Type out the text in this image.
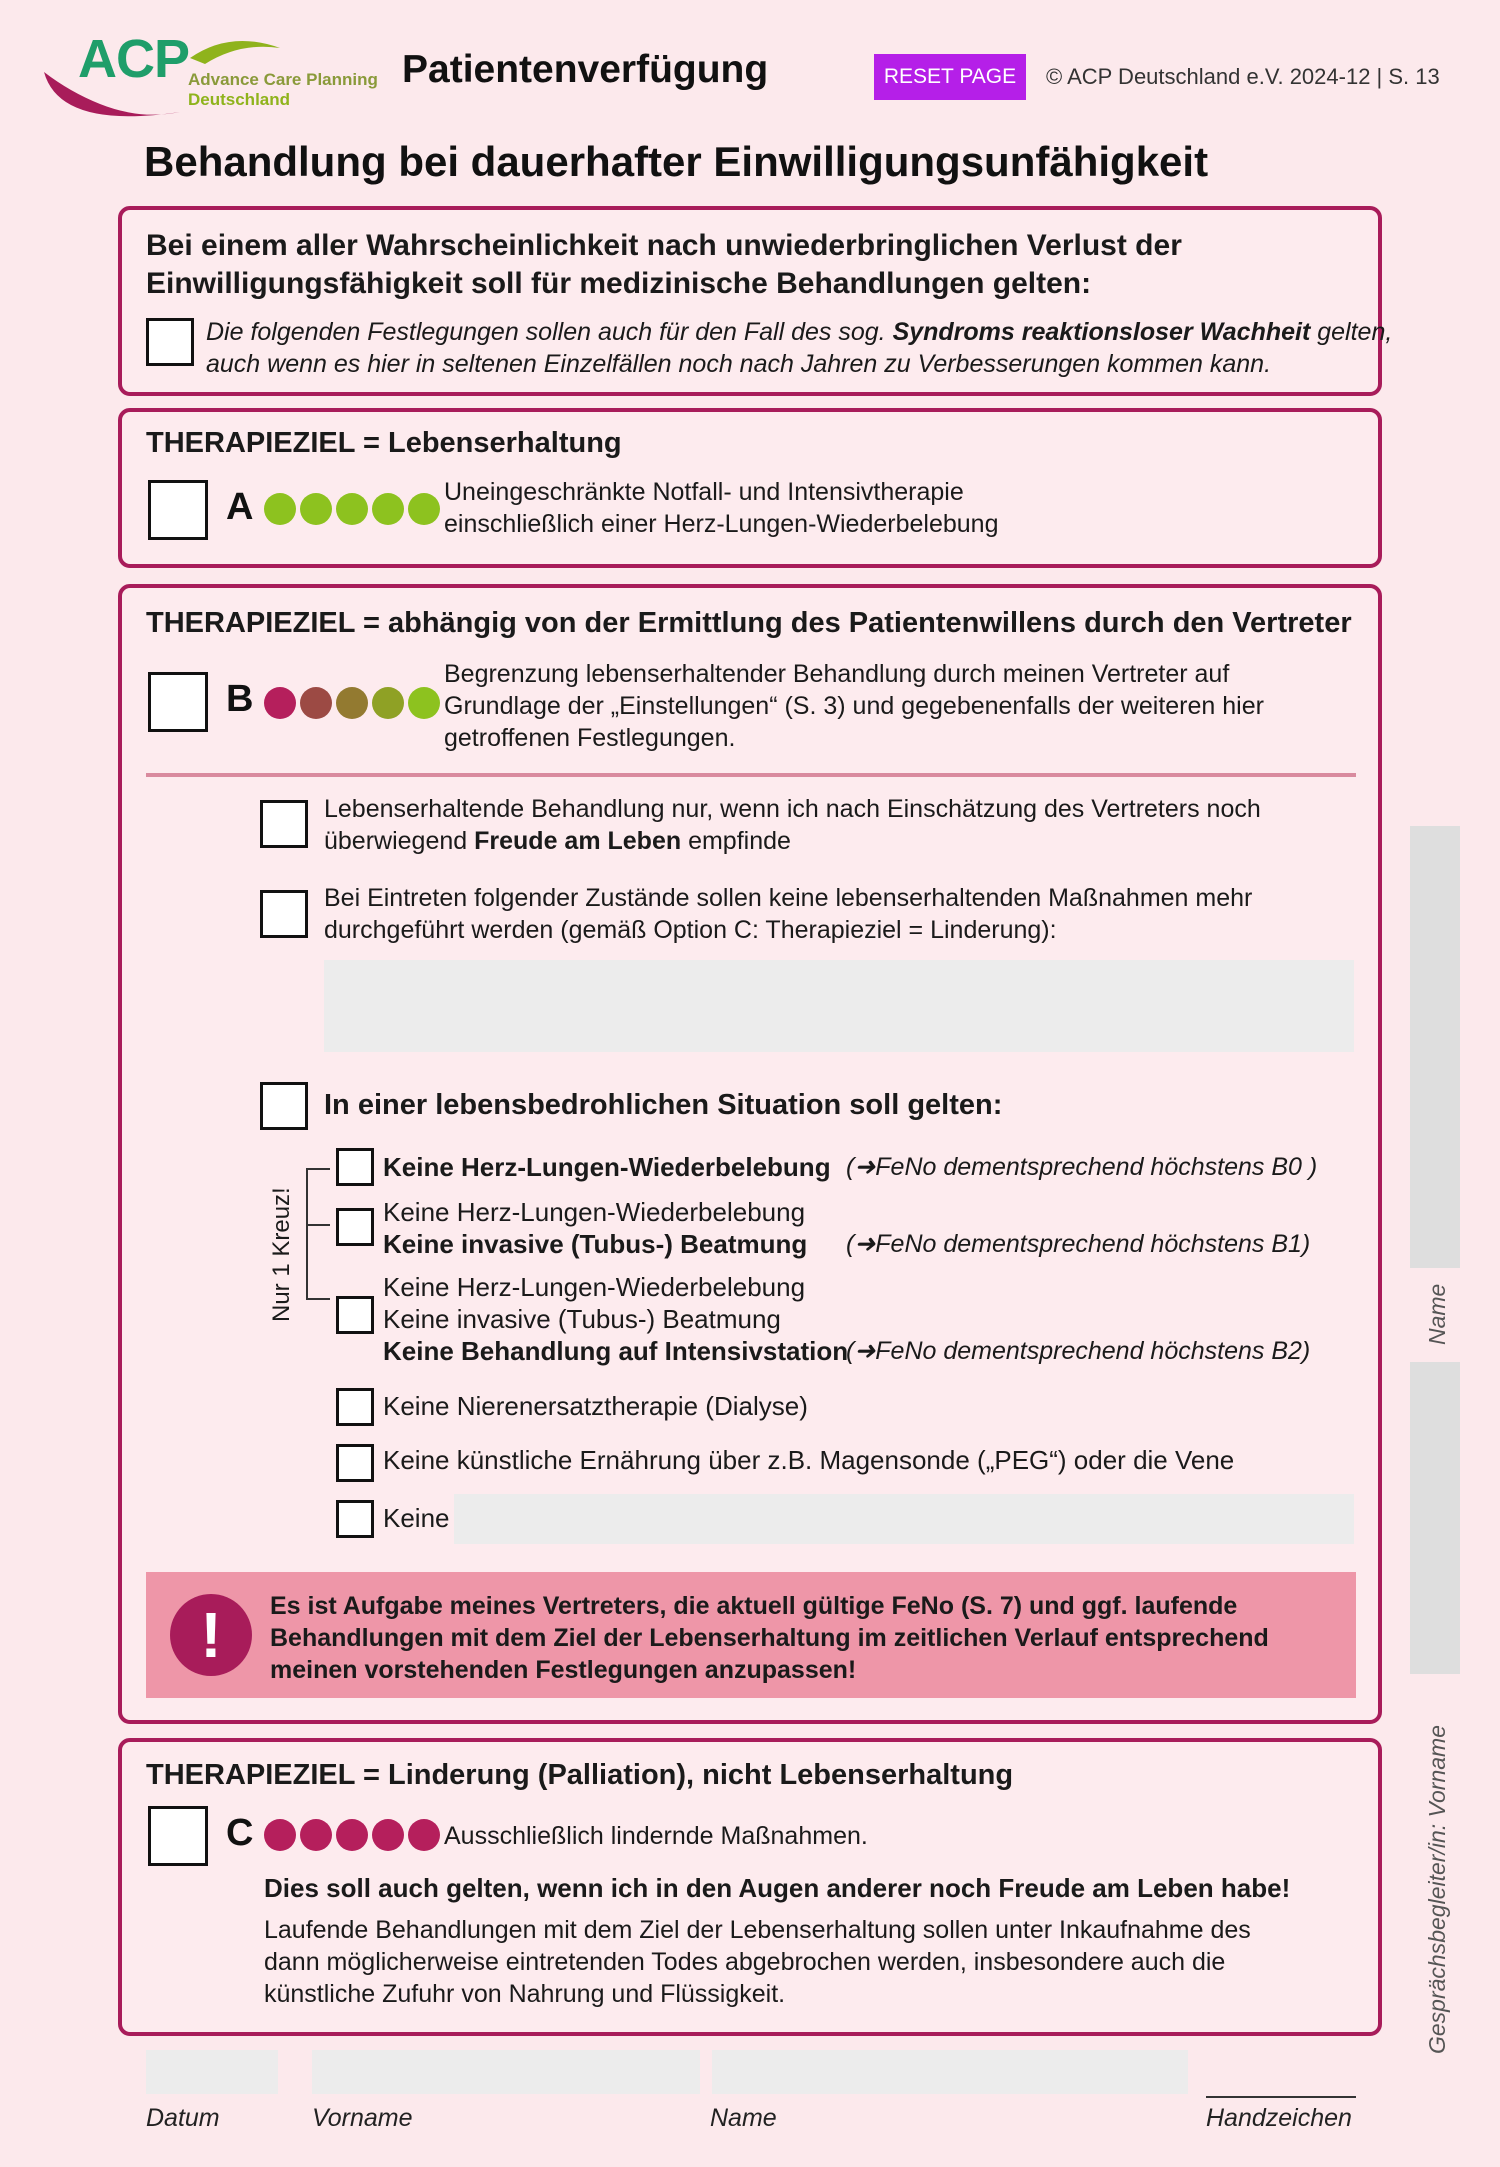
ACP
Advance Care Planning
Deutschland
Patientenverfügung	RESET PAGE	© ACP Deutschland e.V. 2024-12 | S. 13
Behandlung bei dauerhafter Einwilligungsunfähigkeit
Bei einem aller Wahrscheinlichkeit nach unwiederbringlichen Verlust der
Einwilligungsfähigkeit soll für medizinische Behandlungen gelten:
Die folgenden Festlegungen sollen auch für den Fall des sog. Syndroms reaktionsloser Wachheit gelten,
auch wenn es hier in seltenen Einzelfällen noch nach Jahren zu Verbesserungen kommen kann.
THERAPIEZIEL = Lebenserhaltung
A	Uneingeschränkte Notfall- und Intensivtherapie
einschließlich einer Herz-Lungen-Wiederbelebung
THERAPIEZIEL = abhängig von der Ermittlung des Patientenwillens durch den Vertreter
B
Begrenzung lebenserhaltender Behandlung durch meinen Vertreter auf
Grundlage der „Einstellungen“ (S. 3) und gegebenenfalls der weiteren hier
getroffenen Festlegungen.
Lebenserhaltende Behandlung nur, wenn ich nach Einschätzung des Vertreters noch
überwiegend Freude am Leben empfinde
Bei Eintreten folgender Zustände sollen keine lebenserhaltenden Maßnahmen mehr
durchgeführt werden (gemäß Option C: Therapieziel = Linderung):
In einer lebensbedrohlichen Situation soll gelten:
Nur 1 Kreuz!
Keine Herz-Lungen-Wiederbelebung (➜FeNo dementsprechend höchstens B0 )
Keine Herz-Lungen-Wiederbelebung
Keine invasive (Tubus-) Beatmung (➜FeNo dementsprechend höchstens B1)
Keine Herz-Lungen-Wiederbelebung
Keine invasive (Tubus-) Beatmung
Keine Behandlung auf Intensivstation
(➜FeNo dementsprechend höchstens B2)
Keine Nierenersatztherapie (Dialyse)
Keine künstliche Ernährung über z.B. Magensonde („PEG“) oder die Vene
Keine
!	Es ist Aufgabe meines Vertreters, die aktuell gültige FeNo (S. 7) und ggf. laufende
Behandlungen mit dem Ziel der Lebenserhaltung im zeitlichen Verlauf entsprechend
meinen vorstehenden Festlegungen anzupassen!
THERAPIEZIEL = Linderung (Palliation), nicht Lebenserhaltung
C	Ausschließlich lindernde Maßnahmen.
Dies soll auch gelten, wenn ich in den Augen anderer noch Freude am Leben habe!
Laufende Behandlungen mit dem Ziel der Lebenserhaltung sollen unter Inkaufnahme des
dann möglicherweise eintretenden Todes abgebrochen werden, insbesondere auch die
künstliche Zufuhr von Nahrung und Flüssigkeit.
Name
Gesprächsbegleiter/in: Vorname
Datum	Vorname	Name	Handzeichen
